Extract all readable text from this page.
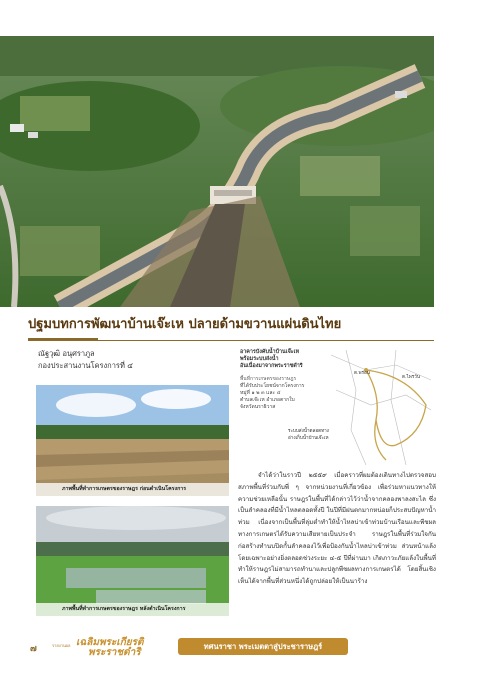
ปฐมบทการพัฒนาบ้านเจ๊ะเห ปลายด้ามขวานแผ่นดินไทย
ณัฐวุฒิ อนุศราภูล
กองประสานงานโครงการที่ ๔
อาคารบังคับน้ำบ้านเจ๊ะเห
พร้อมระบบส่งน้ำ
อันเนื่องมาจากพระราชดำริ
พื้นที่การเกษตรของราษฎร
ที่ได้รับประโยชน์จากโครงการ
หมู่ที่ ๑ ๒ ๓ และ ๔
ตำบลเจ๊ะเห อำเภอตากใบ
จังหวัดนราธิวาส
ต.พร่อน
ต.ไพรวัน
ระบบส่งน้ำตลอดทาง
อ่างเก็บน้ำบ้านเจ๊ะเห
ภาพพื้นที่ทำการเกษตรของราษฎร ก่อนดำเนินโครงการ
ภาพพื้นที่ทำการเกษตรของราษฎร หลังดำเนินโครงการ

จำได้ว่าในราวปี ๒๕๕๙ เมื่อคราวที่ผมต้องเดินทางไปตรวจสอบสภาพพื้นที่ร่วมกับพี่ ๆ จากหน่วยงานที่เกี่ยวข้อง เพื่อร่วมหาแนวทางให้ความช่วยเหลือนั้น ราษฎรในพื้นที่ได้กล่าวไว้ว่าน้ำจากคลองพาลงสะไล ซึ่งเป็นลำคลองที่มีน้ำไหลตลอดทั้งปี ในปีที่มีฝนตกมากหน่อยก็ประสบปัญหาน้ำท่วม เนื่องจากเป็นพื้นที่ลุ่มต่ำทำให้น้ำไหลบ่าเข้าท่วมบ้านเรือนและพืชผลทางการเกษตรได้รับความเสียหายเป็นประจำ ราษฎรในพื้นที่ร่วมใจกันก่อสร้างทำนบปิดกั้นลำคลองไว้เพื่อป้องกันน้ำไหลบ่าเข้าท่วม ส่วนหน้าแล้ง โดยเฉพาะอย่างยิ่งตลอดช่วงระยะ ๔-๕ ปีที่ผ่านมา เกิดภาวะภัยแล้งในพื้นที่ทำให้ราษฎรไม่สามารถทำนาและปลูกพืชผลทางการเกษตรได้ โดยสิ้นเชิงเห็นได้จากพื้นที่ส่วนหนึ่งได้ถูกปล่อยให้เป็นนาร้าง

๗	รายงานผล เฉลิมพระเกียรติ
พระราชดำริ
ทศนราชา พระเมตตาสู่ประชาราษฎร์
